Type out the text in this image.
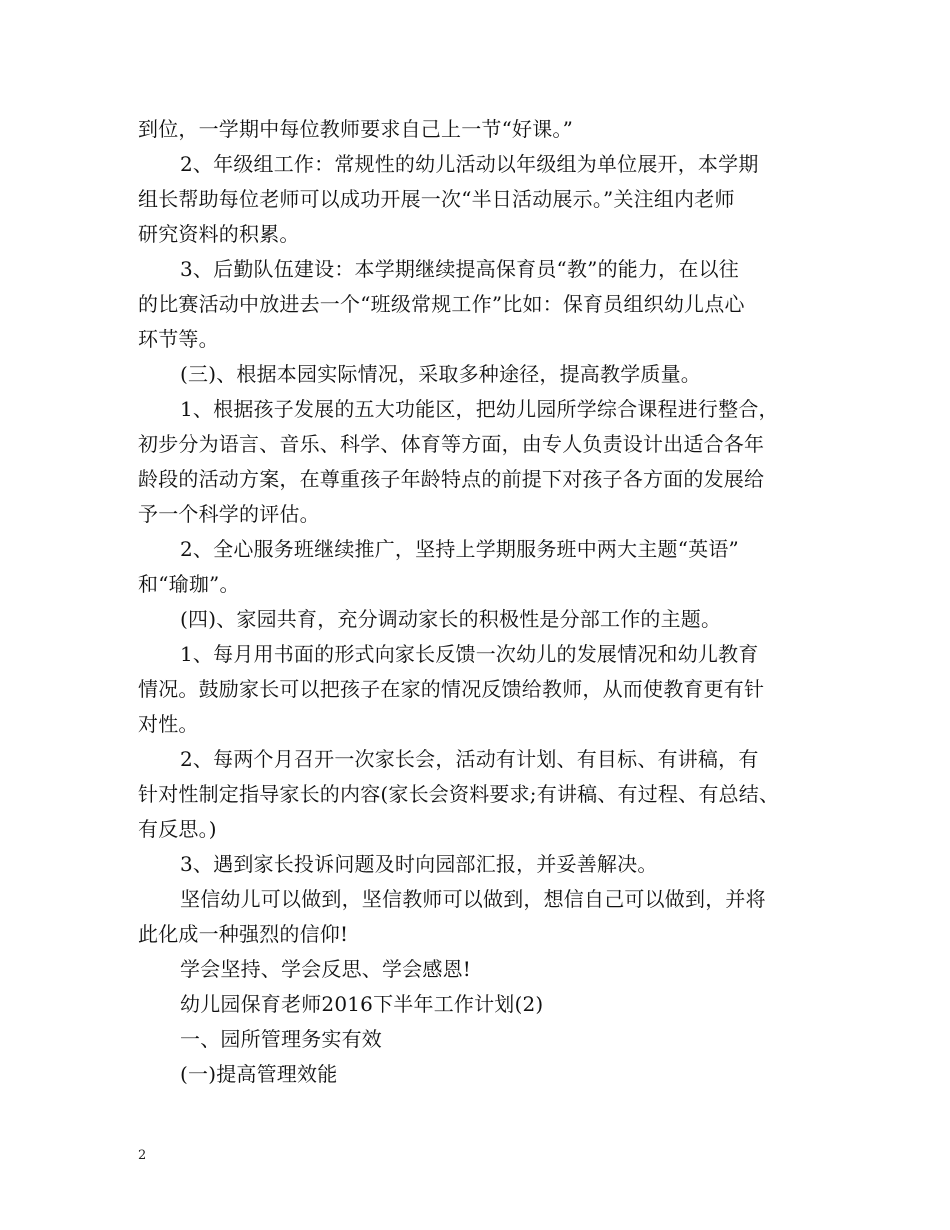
到位，一学期中每位教师要求自己上一节“好课。”
2、年级组工作：常规性的幼儿活动以年级组为单位展开，本学期
组长帮助每位老师可以成功开展一次“半日活动展示。”关注组内老师
研究资料的积累。
3、后勤队伍建设：本学期继续提高保育员“教”的能力，在以往
的比赛活动中放进去一个“班级常规工作”比如：保育员组织幼儿点心
环节等。
(三)、根据本园实际情况，采取多种途径，提高教学质量。
1、根据孩子发展的五大功能区，把幼儿园所学综合课程进行整合，
初步分为语言、音乐、科学、体育等方面，由专人负责设计出适合各年
龄段的活动方案，在尊重孩子年龄特点的前提下对孩子各方面的发展给
予一个科学的评估。
2、全心服务班继续推广，坚持上学期服务班中两大主题“英语”
和“瑜珈”。
(四)、家园共育，充分调动家长的积极性是分部工作的主题。
1、每月用书面的形式向家长反馈一次幼儿的发展情况和幼儿教育
情况。鼓励家长可以把孩子在家的情况反馈给教师，从而使教育更有针
对性。
2、每两个月召开一次家长会，活动有计划、有目标、有讲稿，有
针对性制定指导家长的内容(家长会资料要求;有讲稿、有过程、有总结、
有反思。)
3、遇到家长投诉问题及时向园部汇报，并妥善解决。
坚信幼儿可以做到，坚信教师可以做到，想信自己可以做到，并将
此化成一种强烈的信仰!
学会坚持、学会反思、学会感恩!
幼儿园保育老师2016下半年工作计划(2)
一、园所管理务实有效
(一)提高管理效能
2
